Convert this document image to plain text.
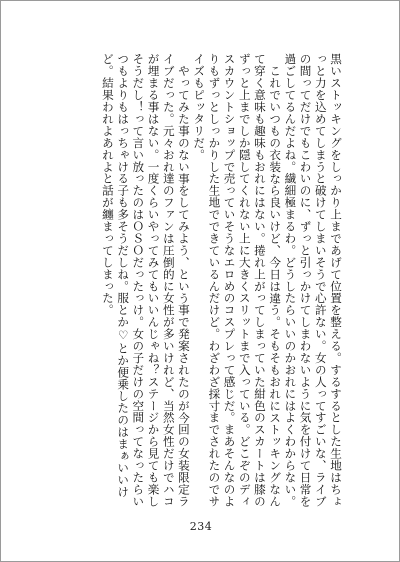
黒いストッキングをしっかり上まであげて位置を整える。するするとした生地はちょっと力を込めてしまうと破けてしまいそうで心許ない。女の人ってすごいな、ライブの間ってだけでもこわいのに、ずっと引っかけてしまわないように気を付けて日常を過ごしてるんだよね。繊細極まるわ。どうしたらいいのかおれにはよくわからない。

これでいつもの衣装なら良いけど、今日は違う。そもそもおれにストッキングなんて穿く意味も趣味もおれにはない。捲れ上がってしまっていた紺色のスカートは膝のずっと上までしか隠してくれない上に大きくスリットまで入っている。どこぞのディスカウントショップで売っていそうなエロめのコスプレって感じだ。まあそんなのよりもずっとしっかりした生地でできているんだけど。わざわざ採寸までされたのでサイズもピッタリだ。

やってみた事のない事をしてみよう、という事で発案されたのが今回の女装限定ライブだった。元々おれ達のファンは圧倒的に女性が多いけれど、当然女性だけでハコが埋まる事はない。一度くらいやってみてもいいんじゃね？ステージから見ても楽しそうだし！って言い放ったのはＯＳＯだったっけ。女の子だけの空間ってなったらいつもよりもはっちゃける子も多そうだしね。服とか♡とか便乗したのはまぁいいけど。結果われよあれよと話が纏まってしまった。

234
